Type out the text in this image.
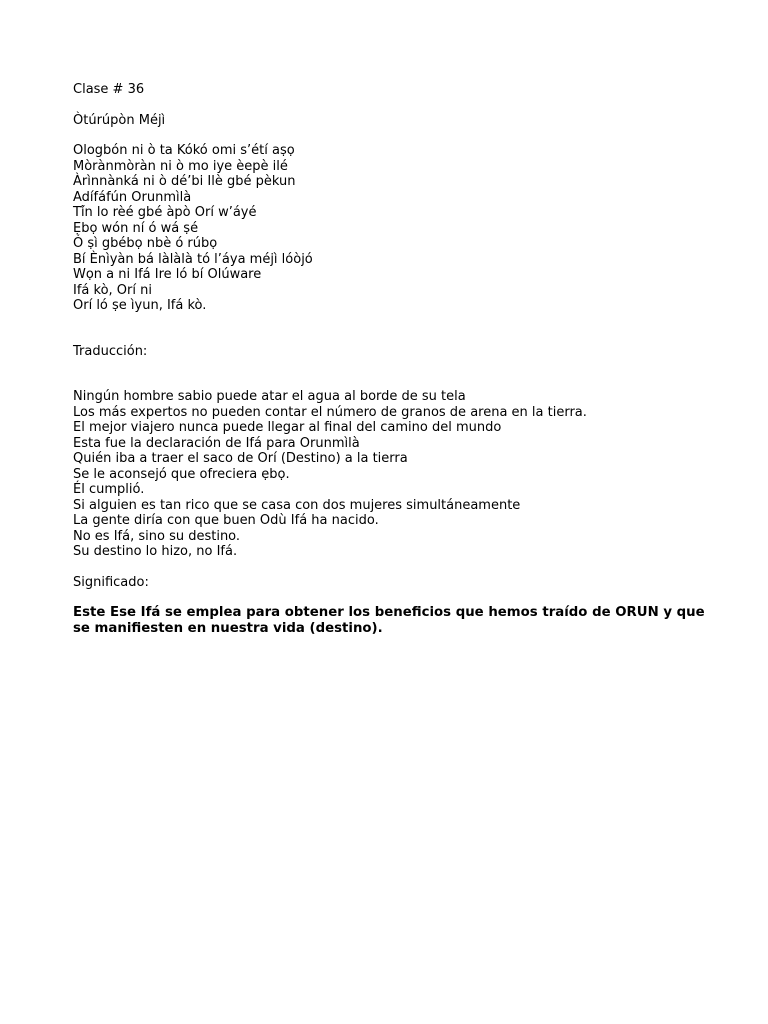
Clase # 36
Òtúrúpòn Méjì
Ologbón ni ò ta Kókó omi s’étí aṣọ
Mòrànmòràn ni ò mo iye èepè ilé
Àrìnnànká ni ò dé’bi Ilè gbé pèkun
Adífáfún Orunmìlà
Tí́n lo rèé gbé àpò Orí w’áyé
Ẹbọ wón ní ó wá ṣé
Ó ṣì gbébọ nbè ó rúbọ
Bí Ènìyàn bá làlàlà tó l’áya méjì lóòjó
Wọn a ni Ifá Ire ló bí Olúware
Ifá kò, Orí ni
Orí ló ṣe ìyun, Ifá kò.
Traducción:
Ningún hombre sabio puede atar el agua al borde de su tela
Los más expertos no pueden contar el número de granos de arena en la tierra.
El mejor viajero nunca puede llegar al final del camino del mundo
Esta fue la declaración de Ifá para Orunmìlà
Quién iba a traer el saco de Orí (Destino) a la tierra
Se le aconsejó que ofreciera ẹbọ.
Él cumplió.
Si alguien es tan rico que se casa con dos mujeres simultáneamente
La gente diría con que buen Odù Ifá ha nacido.
No es Ifá, sino su destino.
Su destino lo hizo, no Ifá.
Significado:
Este Ese Ifá se emplea para obtener los beneficios que hemos traído de ORUN y que se manifiesten en nuestra vida (destino).
